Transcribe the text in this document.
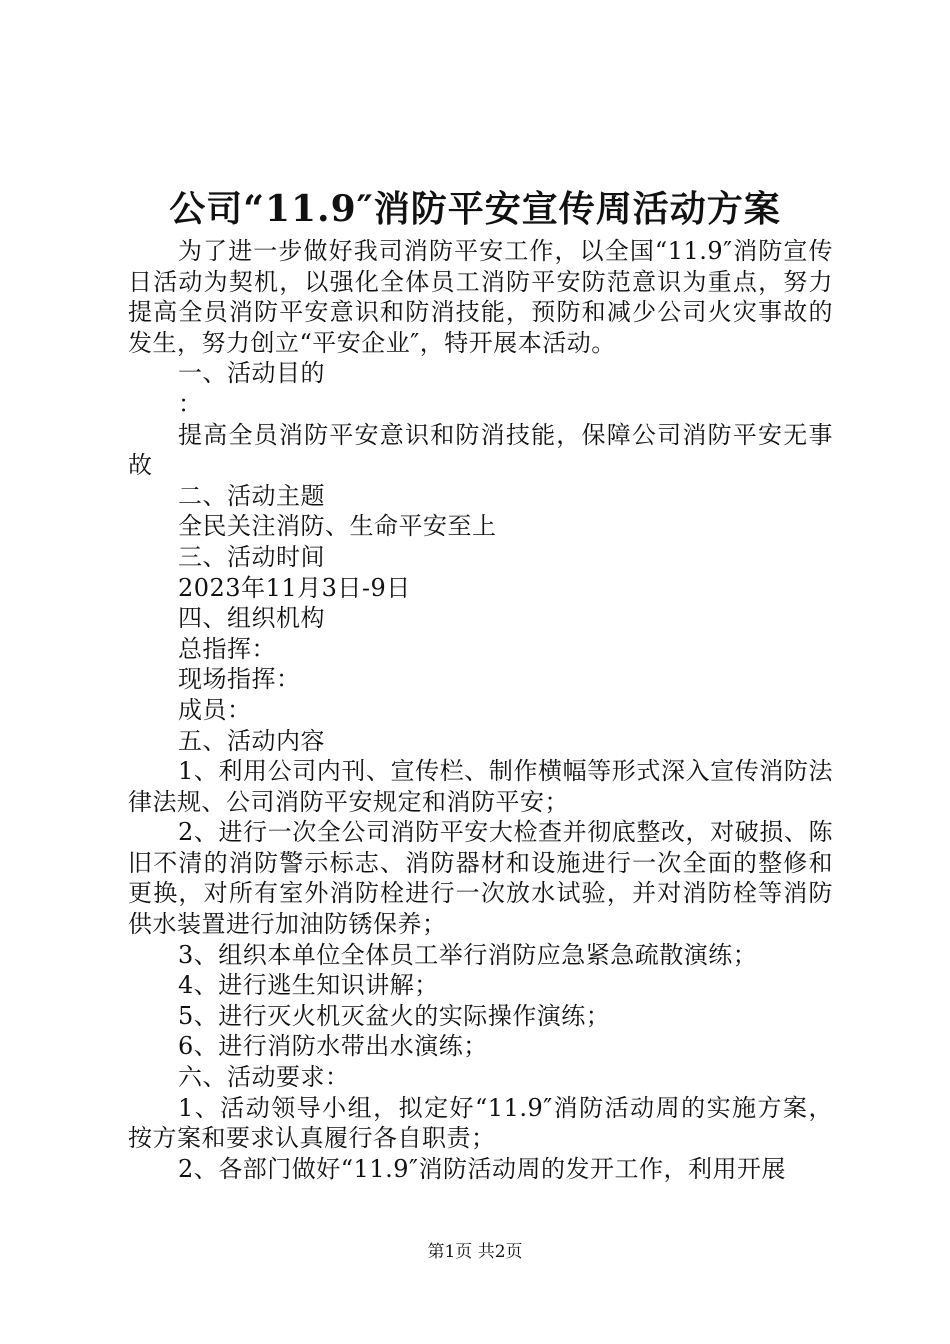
公司“11.9″消防平安宣传周活动方案

为了进一步做好我司消防平安工作，以全国“11.9″消防宣传日活动为契机，以强化全体员工消防平安防范意识为重点，努力提高全员消防平安意识和防消技能，预防和减少公司火灾事故的发生，努力创立“平安企业″，特开展本活动。

一、活动目的

：

提高全员消防平安意识和防消技能，保障公司消防平安无事故

二、活动主题

全民关注消防、生命平安至上

三、活动时间

2023年11月3日-9日

四、组织机构

总指挥：

现场指挥：

成员：

五、活动内容

1、利用公司内刊、宣传栏、制作横幅等形式深入宣传消防法律法规、公司消防平安规定和消防平安；

2、进行一次全公司消防平安大检查并彻底整改，对破损、陈旧不清的消防警示标志、消防器材和设施进行一次全面的整修和更换，对所有室外消防栓进行一次放水试验，并对消防栓等消防供水装置进行加油防锈保养；

3、组织本单位全体员工举行消防应急紧急疏散演练；

4、进行逃生知识讲解；

5、进行灭火机灭盆火的实际操作演练；

6、进行消防水带出水演练；

六、活动要求：

1、活动领导小组，拟定好“11.9″消防活动周的实施方案，按方案和要求认真履行各自职责；

2、各部门做好“11.9″消防活动周的发开工作，利用开展

第1页 共2页
